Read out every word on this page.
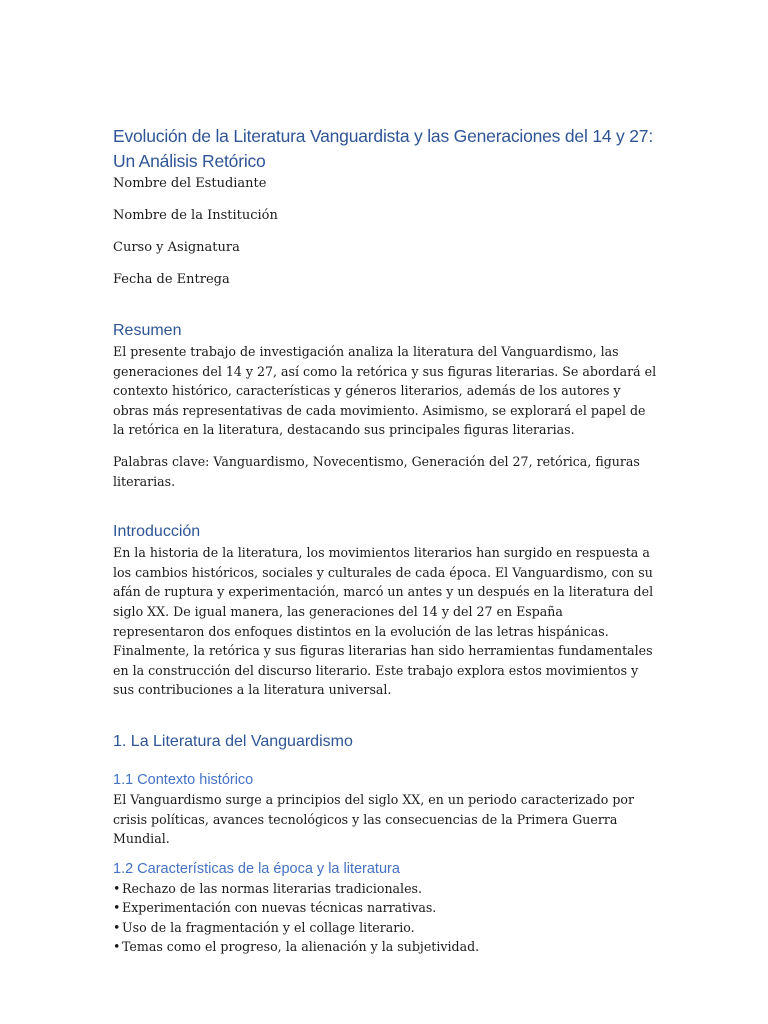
Evolución de la Literatura Vanguardista y las Generaciones del 14 y 27: Un Análisis Retórico

Nombre del Estudiante

Nombre de la Institución

Curso y Asignatura

Fecha de Entrega

Resumen

El presente trabajo de investigación analiza la literatura del Vanguardismo, las generaciones del 14 y 27, así como la retórica y sus figuras literarias. Se abordará el contexto histórico, características y géneros literarios, además de los autores y obras más representativas de cada movimiento. Asimismo, se explorará el papel de la retórica en la literatura, destacando sus principales figuras literarias.

Palabras clave: Vanguardismo, Novecentismo, Generación del 27, retórica, figuras literarias.

Introducción

En la historia de la literatura, los movimientos literarios han surgido en respuesta a los cambios históricos, sociales y culturales de cada época. El Vanguardismo, con su afán de ruptura y experimentación, marcó un antes y un después en la literatura del siglo XX. De igual manera, las generaciones del 14 y del 27 en España representaron dos enfoques distintos en la evolución de las letras hispánicas. Finalmente, la retórica y sus figuras literarias han sido herramientas fundamentales en la construcción del discurso literario. Este trabajo explora estos movimientos y sus contribuciones a la literatura universal.

1. La Literatura del Vanguardismo
1.1 Contexto histórico

El Vanguardismo surge a principios del siglo XX, en un periodo caracterizado por crisis políticas, avances tecnológicos y las consecuencias de la Primera Guerra Mundial.

1.2 Características de la época y la literatura
• Rechazo de las normas literarias tradicionales.
• Experimentación con nuevas técnicas narrativas.
• Uso de la fragmentación y el collage literario.
• Temas como el progreso, la alienación y la subjetividad.
